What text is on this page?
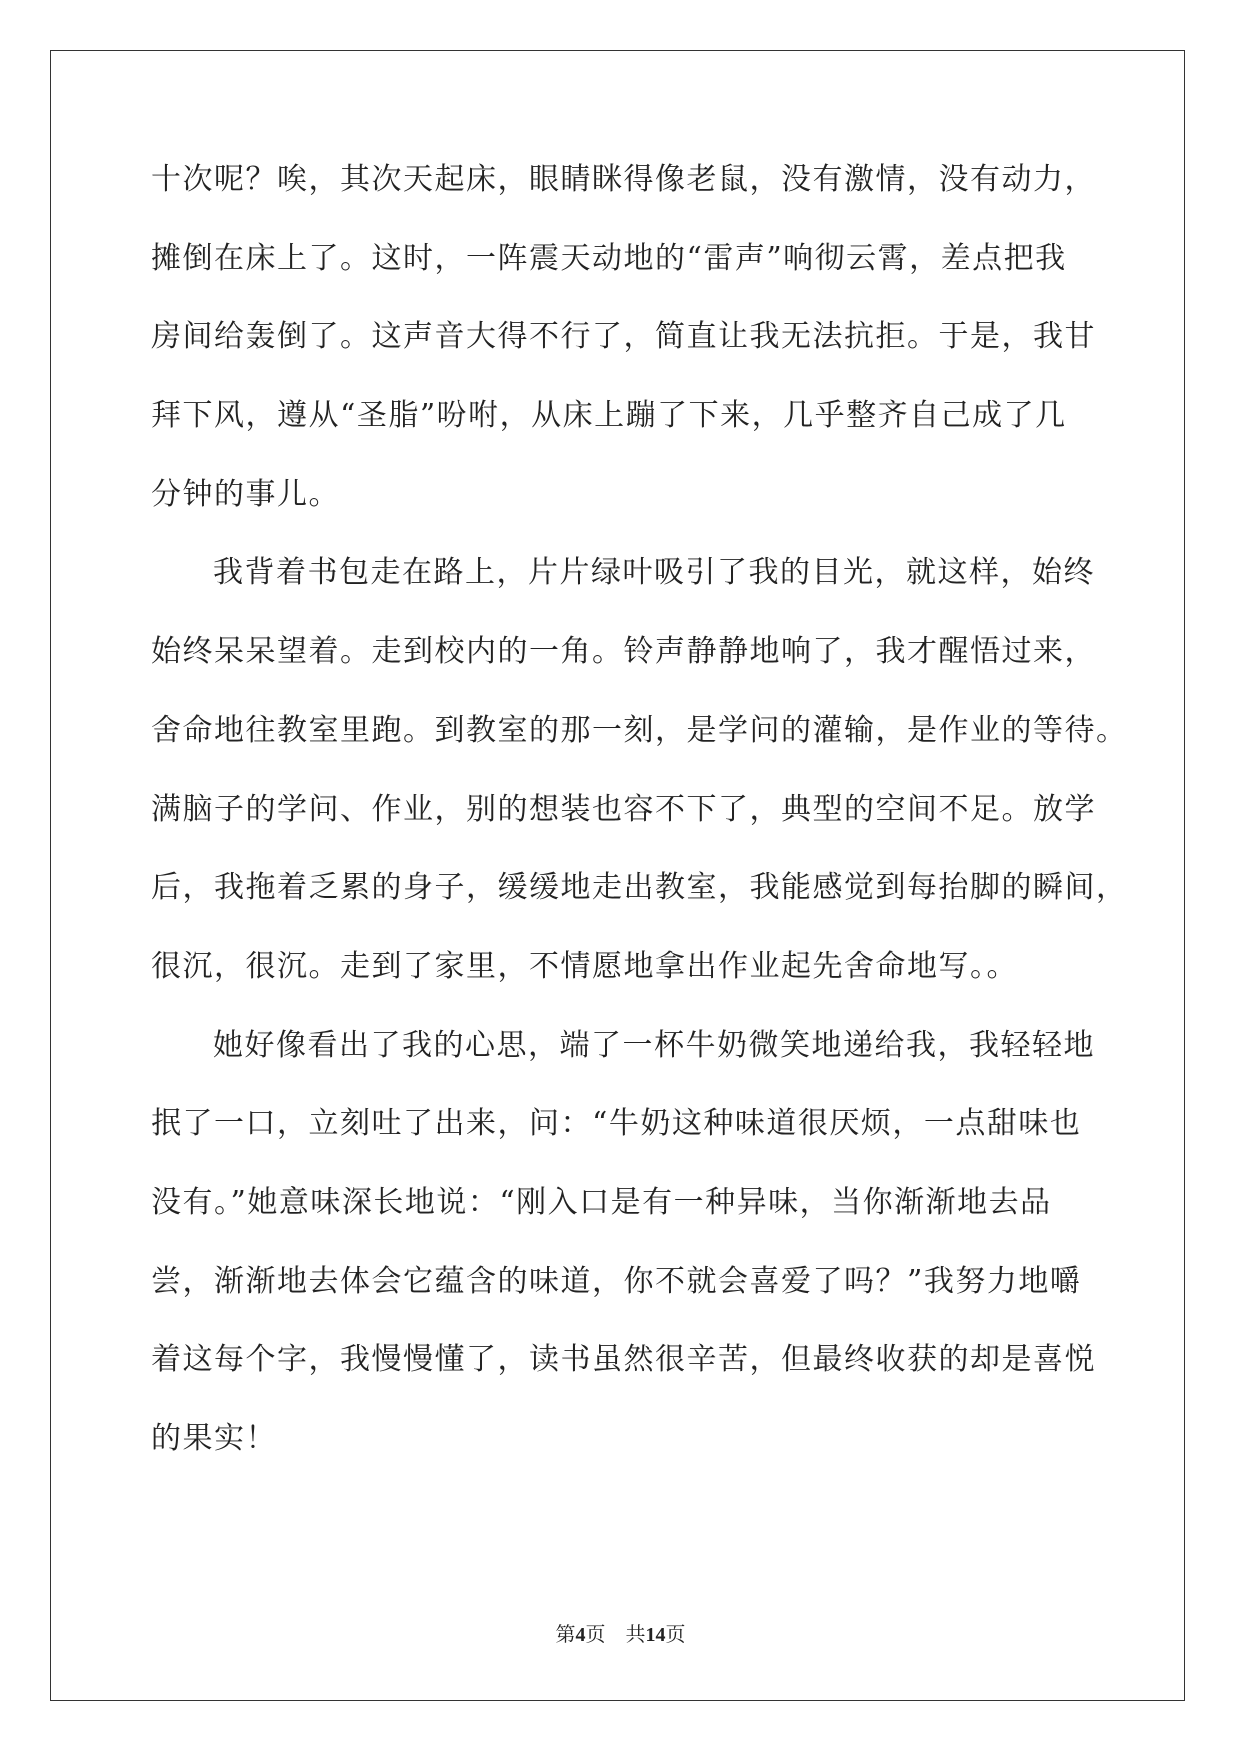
十次呢？唉，其次天起床，眼睛眯得像老鼠，没有激情，没有动力，
摊倒在床上了。这时，一阵震天动地的“雷声”响彻云霄，差点把我
房间给轰倒了。这声音大得不行了，简直让我无法抗拒。于是，我甘
拜下风，遵从“圣脂”吩咐，从床上蹦了下来，几乎整齐自己成了几
分钟的事儿。
我背着书包走在路上，片片绿叶吸引了我的目光，就这样，始终
始终呆呆望着。走到校内的一角。铃声静静地响了，我才醒悟过来，
舍命地往教室里跑。到教室的那一刻，是学问的灌输，是作业的等待。
满脑子的学问、作业，别的想装也容不下了，典型的空间不足。放学
后，我拖着乏累的身子，缓缓地走出教室，我能感觉到每抬脚的瞬间，
很沉，很沉。走到了家里，不情愿地拿出作业起先舍命地写。。
她好像看出了我的心思，端了一杯牛奶微笑地递给我，我轻轻地
抿了一口，立刻吐了出来，问：“牛奶这种味道很厌烦，一点甜味也
没有。”她意味深长地说：“刚入口是有一种异味，当你渐渐地去品
尝，渐渐地去体会它蕴含的味道，你不就会喜爱了吗？”我努力地嚼
着这每个字，我慢慢懂了，读书虽然很辛苦，但最终收获的却是喜悦
的果实！
第4页 共14页
